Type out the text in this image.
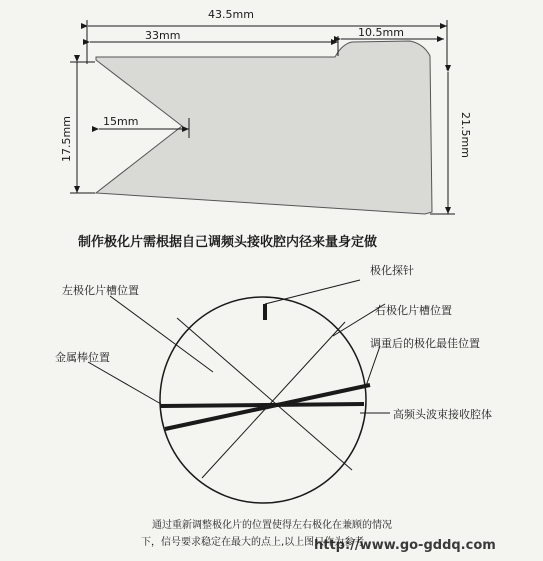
43.5mm
33mm	10.5mm
15mm
17.5mm	21.5mm
制作极化片需根据自己调频头接收腔内径来量身定做
极化探针
左极化片槽位置
右极化片槽位置
调重后的极化最佳位置
金属棒位置
高频头波束接收腔体
通过重新调整极化片的位置使得左右极化在兼顾的情况
下，信号要求稳定在最大的点上,以上图只作为参考
http://www.go-gddq.com
